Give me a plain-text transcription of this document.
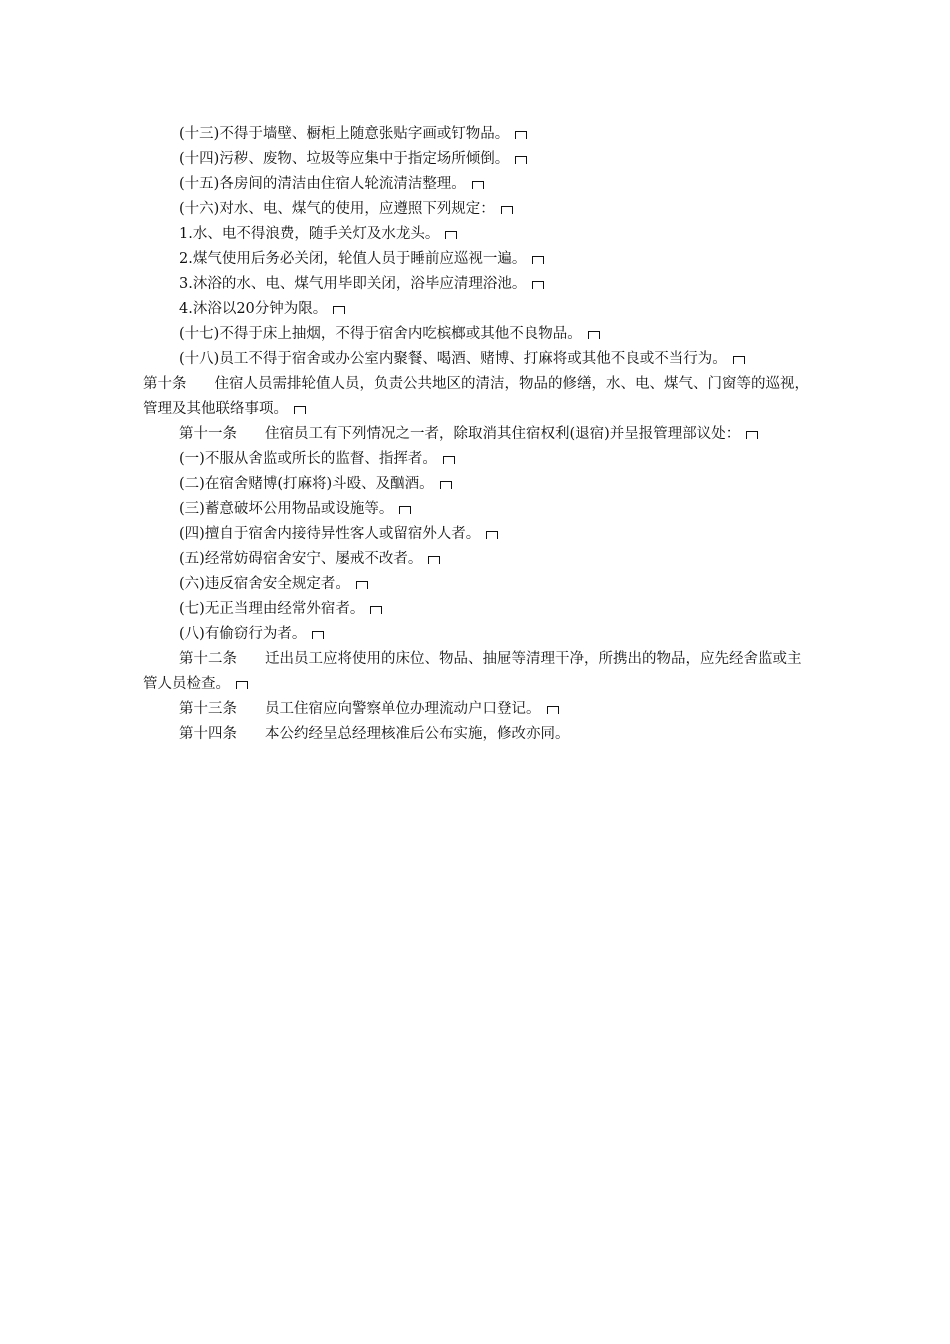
(十三)不得于墙壁、橱柜上随意张贴字画或钉物品。

(十四)污秽、废物、垃圾等应集中于指定场所倾倒。

(十五)各房间的清洁由住宿人轮流清洁整理。

(十六)对水、电、煤气的使用，应遵照下列规定：

1.水、电不得浪费，随手关灯及水龙头。

2.煤气使用后务必关闭，轮值人员于睡前应巡视一遍。

3.沐浴的水、电、煤气用毕即关闭，浴毕应清理浴池。

4.沐浴以20分钟为限。

(十七)不得于床上抽烟，不得于宿舍内吃槟榔或其他不良物品。

(十八)员工不得于宿舍或办公室内聚餐、喝酒、赌博、打麻将或其他不良或不当行为。

第十条 住宿人员需排轮值人员，负责公共地区的清洁，物品的修缮，水、电、煤气、门窗等的巡视，管理及其他联络事项。

第十一条 住宿员工有下列情况之一者，除取消其住宿权利(退宿)并呈报管理部议处：

(一)不服从舍监或所长的监督、指挥者。

(二)在宿舍赌博(打麻将)斗殴、及酗酒。

(三)蓄意破坏公用物品或设施等。

(四)擅自于宿舍内接待异性客人或留宿外人者。

(五)经常妨碍宿舍安宁、屡戒不改者。

(六)违反宿舍安全规定者。

(七)无正当理由经常外宿者。

(八)有偷窃行为者。

第十二条 迁出员工应将使用的床位、物品、抽屉等清理干净，所携出的物品，应先经舍监或主管人员检查。

第十三条 员工住宿应向警察单位办理流动户口登记。

第十四条 本公约经呈总经理核准后公布实施，修改亦同。
